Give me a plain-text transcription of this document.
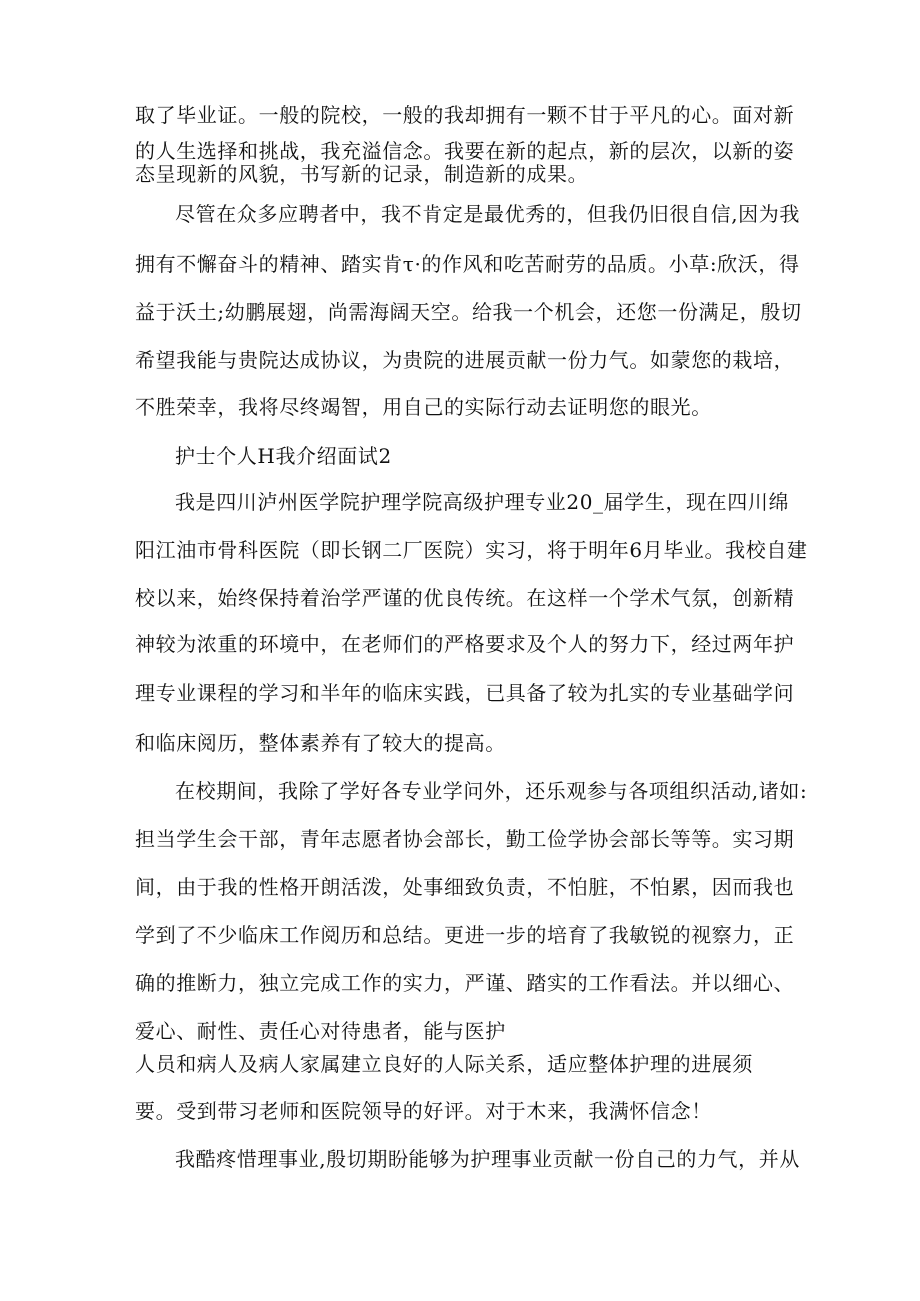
取了毕业证。一般的院校，一般的我却拥有一颗不甘于平凡的心。面对新
的人生选择和挑战，我充溢信念。我要在新的起点，新的层次，以新的姿
态呈现新的风貌，书写新的记录，制造新的成果。
尽管在众多应聘者中，我不肯定是最优秀的，但我仍旧很自信,因为我
拥有不懈奋斗的精神、踏实肯τ·的作风和吃苦耐劳的品质。小草:欣沃，得
益于沃土;幼鹏展翅，尚需海阔天空。给我一个机会，还您一份满足，殷切
希望我能与贵院达成协议，为贵院的进展贡献一份力气。如蒙您的栽培，
不胜荣幸，我将尽终竭智，用自己的实际行动去证明您的眼光。
护士个人H我介绍面试2
我是四川泸州医学院护理学院高级护理专业20_届学生，现在四川绵
阳江油市骨科医院（即长钢二厂医院）实习，将于明年6月毕业。我校自建
校以来，始终保持着治学严谨的优良传统。在这样一个学术气氛，创新精
神较为浓重的环境中，在老师们的严格要求及个人的努力下，经过两年护
理专业课程的学习和半年的临床实践，已具备了较为扎实的专业基础学问
和临床阅历，整体素养有了较大的提高。
在校期间，我除了学好各专业学问外，还乐观参与各项组织活动,诸如:
担当学生会干部，青年志愿者协会部长，勤工俭学协会部长等等。实习期
间，由于我的性格开朗活泼，处事细致负责，不怕脏，不怕累，因而我也
学到了不少临床工作阅历和总结。更进一步的培育了我敏锐的视察力，正
确的推断力，独立完成工作的实力，严谨、踏实的工作看法。并以细心、
爱心、耐性、责任心对待患者，能与医护
人员和病人及病人家属建立良好的人际关系，适应整体护理的进展须
要。受到带习老师和医院领导的好评。对于木来，我满怀信念！
我酷疼惜理事业,殷切期盼能够为护理事业贡献一份自己的力气，并从
